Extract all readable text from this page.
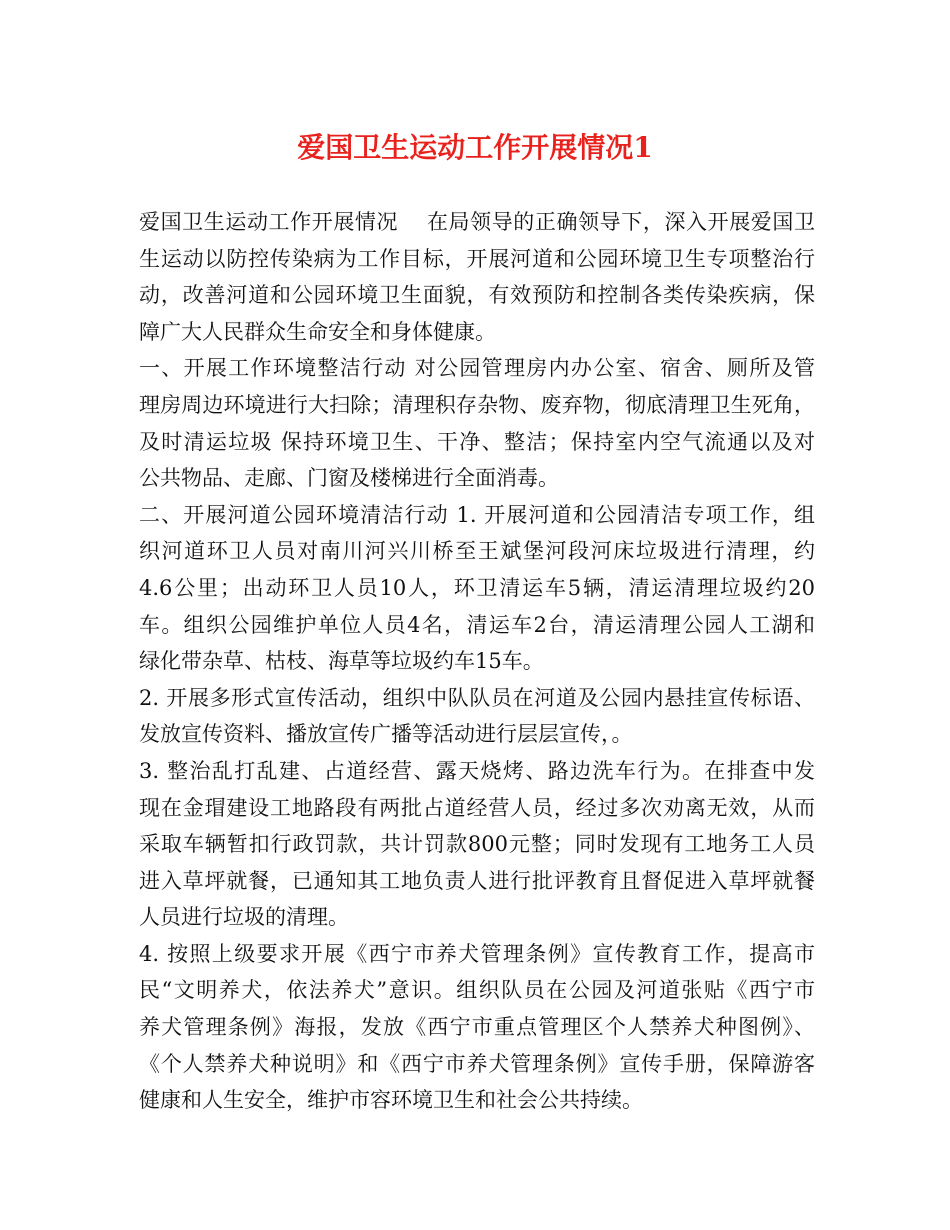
爱国卫生运动工作开展情况1
爱国卫生运动工作开展情况　 在局领导的正确领导下，深入开展爱国卫
生运动以防控传染病为工作目标，开展河道和公园环境卫生专项整治行
动，改善河道和公园环境卫生面貌，有效预防和控制各类传染疾病，保
障广大人民群众生命安全和身体健康。
一、开展工作环境整洁行动 对公园管理房内办公室、宿舍、厕所及管
理房周边环境进行大扫除；清理积存杂物、废弃物，彻底清理卫生死角，
及时清运垃圾 保持环境卫生、干净、整洁；保持室内空气流通以及对
公共物品、走廊、门窗及楼梯进行全面消毒。
二、开展河道公园环境清洁行动 1. 开展河道和公园清洁专项工作，组
织河道环卫人员对南川河兴川桥至王斌堡河段河床垃圾进行清理，约
4.6公里；出动环卫人员10人，环卫清运车5辆，清运清理垃圾约20
车。组织公园维护单位人员4名，清运车2台，清运清理公园人工湖和
绿化带杂草、枯枝、海草等垃圾约车15车。
2. 开展多形式宣传活动，组织中队队员在河道及公园内悬挂宣传标语、
发放宣传资料、播放宣传广播等活动进行层层宣传，。
3. 整治乱打乱建、占道经营、露天烧烤、路边洗车行为。在排查中发
现在金瑁建设工地路段有两批占道经营人员，经过多次劝离无效，从而
采取车辆暂扣行政罚款，共计罚款800元整；同时发现有工地务工人员
进入草坪就餐，已通知其工地负责人进行批评教育且督促进入草坪就餐
人员进行垃圾的清理。
4. 按照上级要求开展《西宁市养犬管理条例》宣传教育工作，提高市
民“文明养犬，依法养犬”意识。组织队员在公园及河道张贴《西宁市
养犬管理条例》海报，发放《西宁市重点管理区个人禁养犬种图例》、
《个人禁养犬种说明》和《西宁市养犬管理条例》宣传手册，保障游客
健康和人生安全，维护市容环境卫生和社会公共持续。
